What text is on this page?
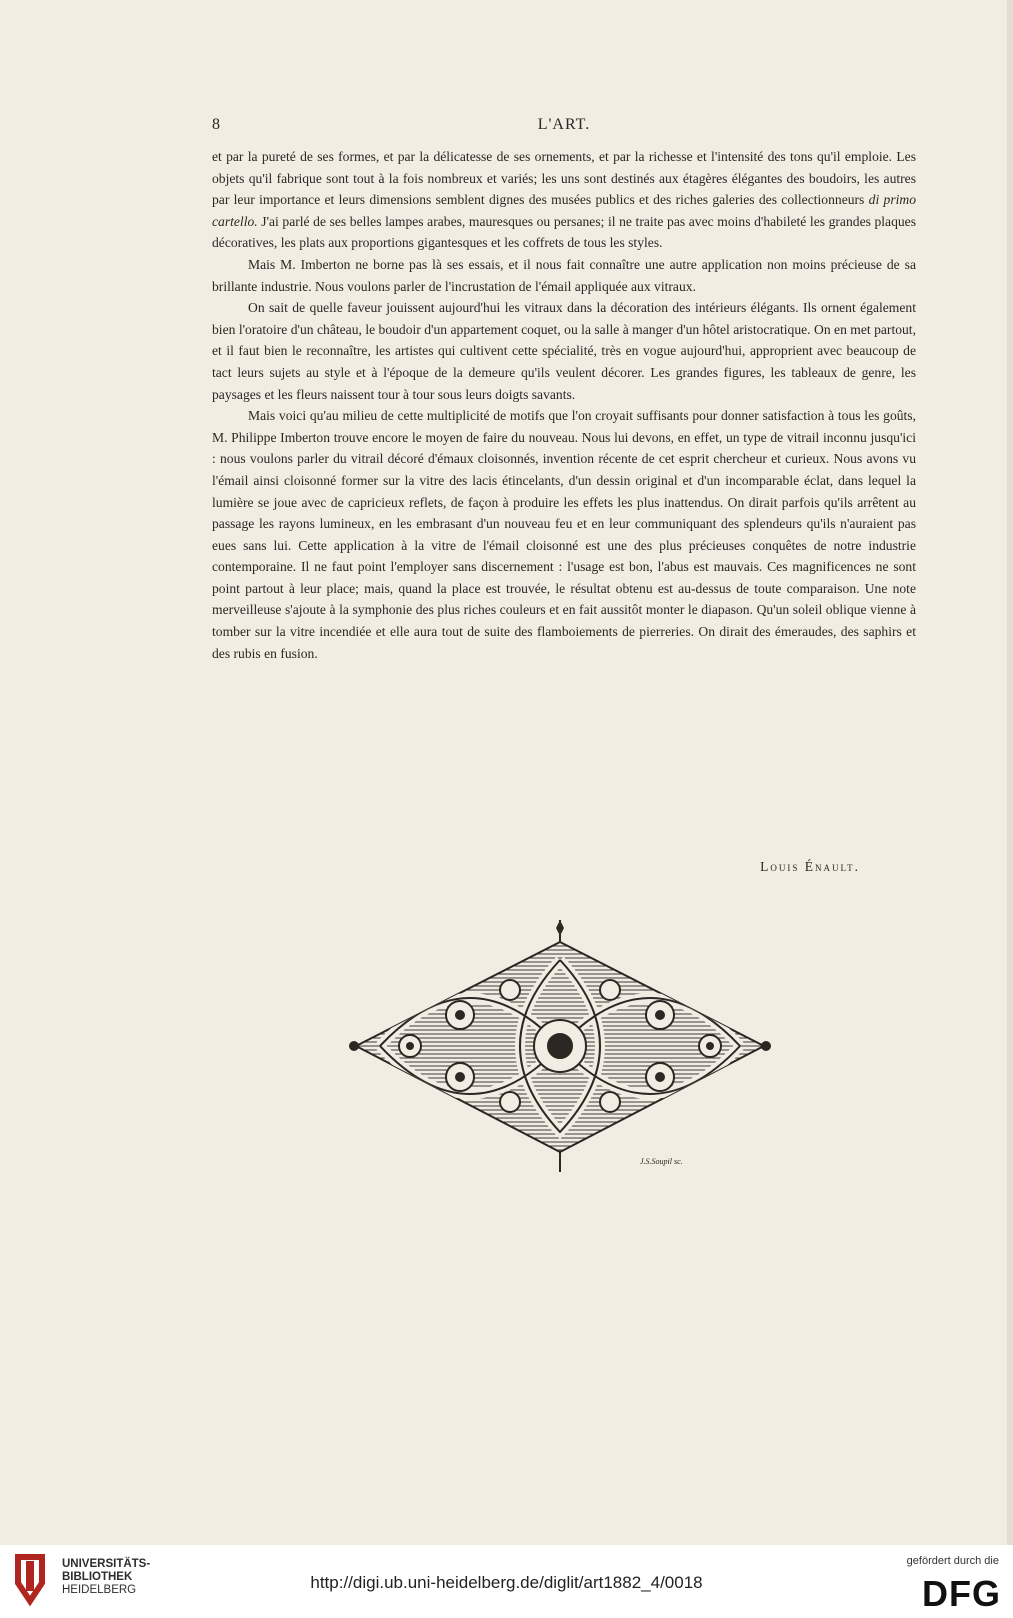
8	L'ART.

et par la pureté de ses formes, et par la délicatesse de ses ornements, et par la richesse et l'intensité des tons qu'il emploie. Les objets qu'il fabrique sont tout à la fois nombreux et variés; les uns sont destinés aux étagères élégantes des boudoirs, les autres par leur importance et leurs dimensions semblent dignes des musées publics et des riches galeries des collectionneurs di primo cartello. J'ai parlé de ses belles lampes arabes, mauresques ou persanes; il ne traite pas avec moins d'habileté les grandes plaques décoratives, les plats aux proportions gigantesques et les coffrets de tous les styles.

Mais M. Imberton ne borne pas là ses essais, et il nous fait connaître une autre application non moins précieuse de sa brillante industrie. Nous voulons parler de l'incrustation de l'émail appliquée aux vitraux.

On sait de quelle faveur jouissent aujourd'hui les vitraux dans la décoration des intérieurs élégants. Ils ornent également bien l'oratoire d'un château, le boudoir d'un appartement coquet, ou la salle à manger d'un hôtel aristocratique. On en met partout, et il faut bien le reconnaître, les artistes qui cultivent cette spécialité, très en vogue aujourd'hui, approprient avec beaucoup de tact leurs sujets au style et à l'époque de la demeure qu'ils veulent décorer. Les grandes figures, les tableaux de genre, les paysages et les fleurs naissent tour à tour sous leurs doigts savants.

Mais voici qu'au milieu de cette multiplicité de motifs que l'on croyait suffisants pour donner satisfaction à tous les goûts, M. Philippe Imberton trouve encore le moyen de faire du nouveau. Nous lui devons, en effet, un type de vitrail inconnu jusqu'ici : nous voulons parler du vitrail décoré d'émaux cloisonnés, invention récente de cet esprit chercheur et curieux. Nous avons vu l'émail ainsi cloisonné former sur la vitre des lacis étincelants, d'un dessin original et d'un incomparable éclat, dans lequel la lumière se joue avec de capricieux reflets, de façon à produire les effets les plus inattendus. On dirait parfois qu'ils arrêtent au passage les rayons lumineux, en les embrasant d'un nouveau feu et en leur communiquant des splendeurs qu'ils n'auraient pas eues sans lui. Cette application à la vitre de l'émail cloisonné est une des plus précieuses conquêtes de notre industrie contemporaine. Il ne faut point l'employer sans discernement : l'usage est bon, l'abus est mauvais. Ces magnificences ne sont point partout à leur place; mais, quand la place est trouvée, le résultat obtenu est au-dessus de toute comparaison. Une note merveilleuse s'ajoute à la symphonie des plus riches couleurs et en fait aussitôt monter le diapason. Qu'un soleil oblique vienne à tomber sur la vitre incendiée et elle aura tout de suite des flamboiements de pierreries. On dirait des émeraudes, des saphirs et des rubis en fusion.

Louis Énault.
J.S.Soupil sc.
UNIVERSITÄTS-
BIBLIOTHEK
HEIDELBERG	http://digi.ub.uni-heidelberg.de/diglit/art1882_4/0018
gefördert durch die
DFG
